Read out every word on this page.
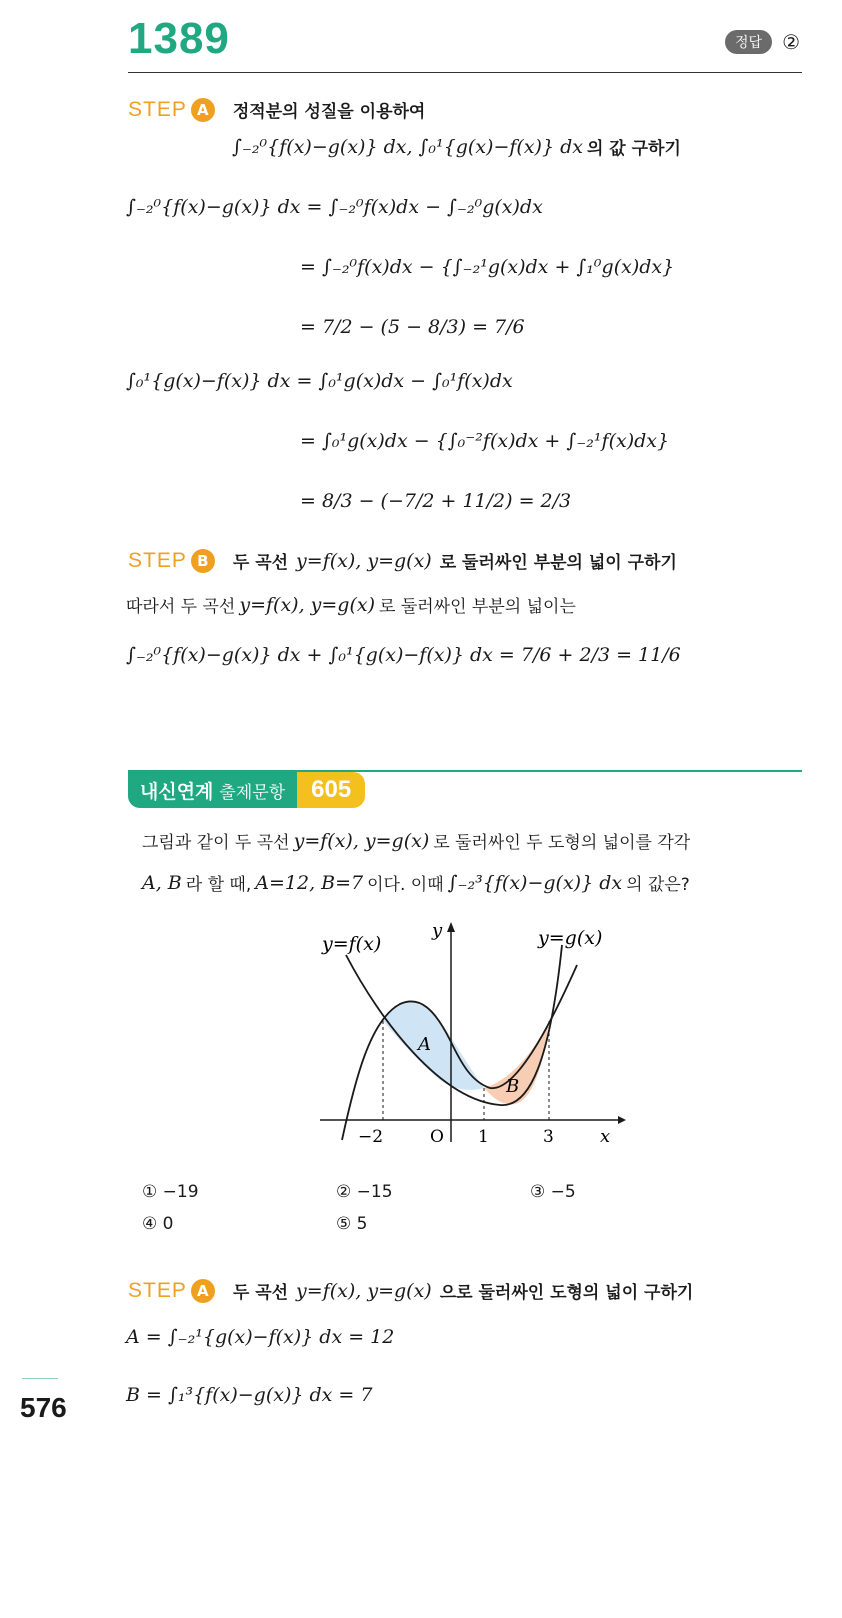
1389	정답	②
STEP A	정적분의 성질을 이용하여
∫₋₂⁰{f(x)−g(x)} dx, ∫₀¹{g(x)−f(x)} dx 의 값 구하기
∫₋₂⁰{f(x)−g(x)} dx = ∫₋₂⁰f(x)dx − ∫₋₂⁰g(x)dx
= ∫₋₂⁰f(x)dx − {∫₋₂¹g(x)dx + ∫₁⁰g(x)dx}
= 7/2 − (5 − 8/3) = 7/6
∫₀¹{g(x)−f(x)} dx = ∫₀¹g(x)dx − ∫₀¹f(x)dx
= ∫₀¹g(x)dx − {∫₀⁻²f(x)dx + ∫₋₂¹f(x)dx}
= 8/3 − (−7/2 + 11/2) = 2/3
STEP B	두 곡선 y=f(x), y=g(x) 로 둘러싸인 부분의 넓이 구하기
따라서 두 곡선 y=f(x), y=g(x) 로 둘러싸인 부분의 넓이는
∫₋₂⁰{f(x)−g(x)} dx + ∫₀¹{g(x)−f(x)} dx = 7/6 + 2/3 = 11/6
내신연계 출제문항	605
그림과 같이 두 곡선 y=f(x), y=g(x) 로 둘러싸인 두 도형의 넓이를 각각
A, B 라 할 때, A=12, B=7 이다. 이때 ∫₋₂³{f(x)−g(x)} dx 의 값은?
y=f(x)	y=g(x)
y
x
O
−2	1	3
A
B
① −19	② −15	③ −5
④ 0	⑤ 5
STEP A	두 곡선 y=f(x), y=g(x) 으로 둘러싸인 도형의 넓이 구하기
A = ∫₋₂¹{g(x)−f(x)} dx = 12
B = ∫₁³{f(x)−g(x)} dx = 7
576
